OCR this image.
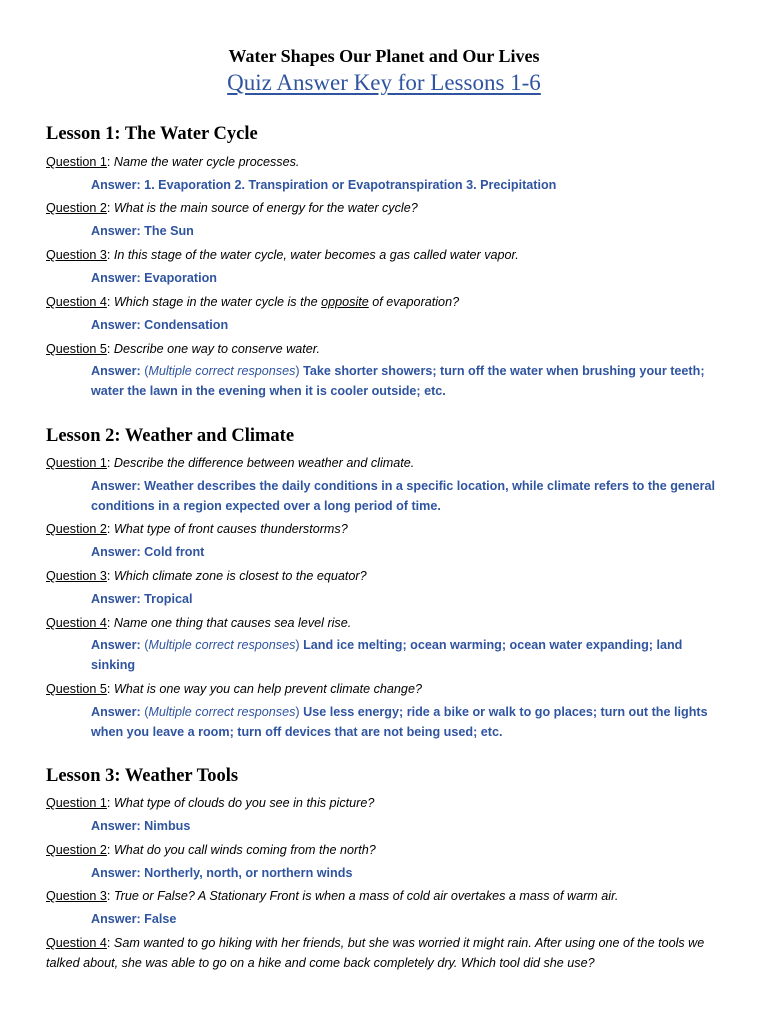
Water Shapes Our Planet and Our Lives
Quiz Answer Key for Lessons 1-6
Lesson 1: The Water Cycle
Question 1: Name the water cycle processes.
Answer: 1. Evaporation 2. Transpiration or Evapotranspiration 3. Precipitation
Question 2: What is the main source of energy for the water cycle?
Answer: The Sun
Question 3: In this stage of the water cycle, water becomes a gas called water vapor.
Answer: Evaporation
Question 4: Which stage in the water cycle is the opposite of evaporation?
Answer: Condensation
Question 5: Describe one way to conserve water.
Answer: (Multiple correct responses) Take shorter showers; turn off the water when brushing your teeth; water the lawn in the evening when it is cooler outside; etc.
Lesson 2: Weather and Climate
Question 1: Describe the difference between weather and climate.
Answer: Weather describes the daily conditions in a specific location, while climate refers to the general conditions in a region expected over a long period of time.
Question 2: What type of front causes thunderstorms?
Answer: Cold front
Question 3: Which climate zone is closest to the equator?
Answer: Tropical
Question 4: Name one thing that causes sea level rise.
Answer: (Multiple correct responses) Land ice melting; ocean warming; ocean water expanding; land sinking
Question 5: What is one way you can help prevent climate change?
Answer: (Multiple correct responses) Use less energy; ride a bike or walk to go places; turn out the lights when you leave a room; turn off devices that are not being used; etc.
Lesson 3: Weather Tools
Question 1: What type of clouds do you see in this picture?
Answer: Nimbus
Question 2: What do you call winds coming from the north?
Answer: Northerly, north, or northern winds
Question 3: True or False? A Stationary Front is when a mass of cold air overtakes a mass of warm air.
Answer: False
Question 4: Sam wanted to go hiking with her friends, but she was worried it might rain. After using one of the tools we talked about, she was able to go on a hike and come back completely dry. Which tool did she use?
